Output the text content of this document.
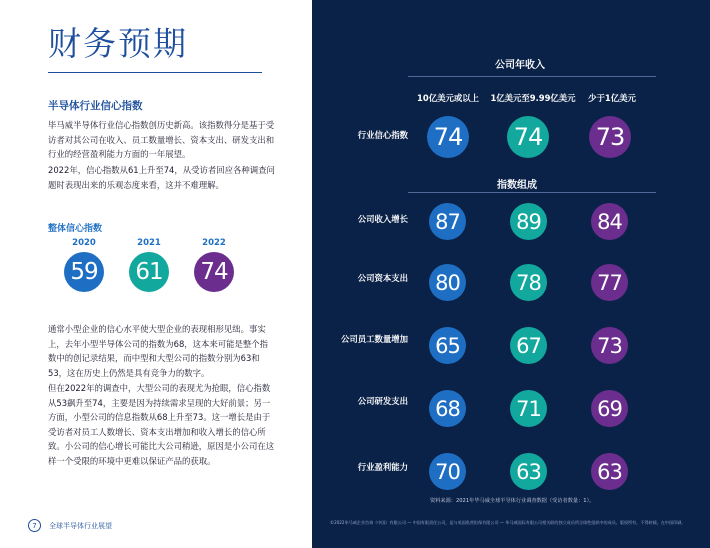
财务预期
半导体行业信心指数
毕马威半导体行业信心指数创历史新高。该指数得分是基于受访者对其公司在收入、员工数量增长、资本支出、研发支出和行业的经营盈利能力方面的一年展望。
2022年，信心指数从61上升至74，从受访者回应各种调查问题时表现出来的乐观态度来看，这并不难理解。
整体信心指数
2020	2021	2022
59 61 74
通常小型企业的信心水平使大型企业的表现相形见绌。事实上，去年小型半导体公司的指数为68，这本来可能是整个指数中的创记录结果，而中型和大型公司的指数分别为63和53，这在历史上仍然是具有竞争力的数字。
但在2022年的调查中，大型公司的表现尤为抢眼，信心指数从53飙升至74，主要是因为持续需求呈现的大好前景；另一方面，小型公司的信息指数从68上升至73。这一增长是由于受访者对员工人数增长、资本支出增加和收入增长的信心所致。小公司的信心增长可能比大公司稍逊，原因是小公司在这样一个受限的环境中更难以保证产品的获取。
7	全球半导体行业展望
公司年收入
10亿美元或以上	1亿美元至9.99亿美元	少于1亿美元
行业信心指数 74 74 73
指数组成
公司收入增长 87	89	84
公司资本支出 80	78	77
公司员工数量增加 65	67	73
公司研发支出 68	71	69
行业盈利能力 70	63	63
资料来源：2021年毕马威全球半导体行业调查数据（受访者数量：1）。
©2022毕马威企业咨询（中国）有限公司 — 中国有限责任公司，是与英国私营担保有限公司 — 毕马威国际有限公司相关联的独立成员所全球性组织中的成员。版权所有，不得转载。在中国印刷。
